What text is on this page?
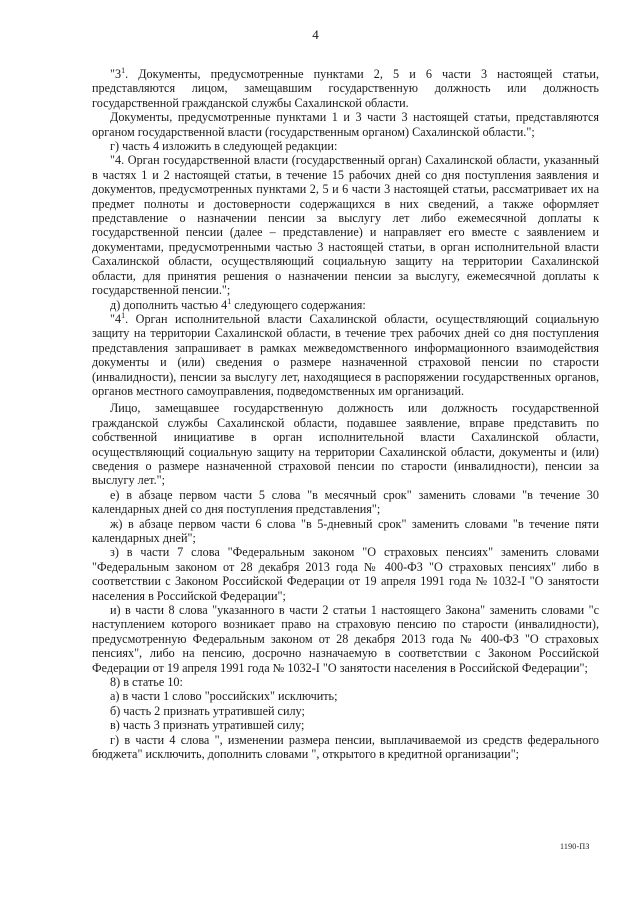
4

"$3^1$. Документы, предусмотренные пунктами 2, 5 и 6 части 3 настоящей статьи, представляются лицом, замещавшим государственную должность или должность государственной гражданской службы Сахалинской области.

Документы, предусмотренные пунктами 1 и 3 части 3 настоящей статьи, представляются органом государственной власти (государственным органом) Сахалинской области.";

г) часть 4 изложить в следующей редакции:

"4. Орган государственной власти (государственный орган) Сахалинской области, указанный в частях 1 и 2 настоящей статьи, в течение 15 рабочих дней со дня поступления заявления и документов, предусмотренных пунктами 2, 5 и 6 части 3 настоящей статьи, рассматривает их на предмет полноты и достоверности содержащихся в них сведений, а также оформляет представление о назначении пенсии за выслугу лет либо ежемесячной доплаты к государственной пенсии (далее – представление) и направляет его вместе с заявлением и документами, предусмотренными частью 3 настоящей статьи, в орган исполнительной власти Сахалинской области, осуществляющий социальную защиту на территории Сахалинской области, для принятия решения о назначении пенсии за выслугу, ежемесячной доплаты к государственной пенсии.";

д) дополнить частью $4^1$ следующего содержания:

"$4^1$. Орган исполнительной власти Сахалинской области, осуществляющий социальную защиту на территории Сахалинской области, в течение трех рабочих дней со дня поступления представления запрашивает в рамках межведомственного информационного взаимодействия документы и (или) сведения о размере назначенной страховой пенсии по старости (инвалидности), пенсии за выслугу лет, находящиеся в распоряжении государственных органов, органов местного самоуправления, подведомственных им организаций.

Лицо, замещавшее государственную должность или должность государственной гражданской службы Сахалинской области, подавшее заявление, вправе представить по собственной инициативе в орган исполнительной власти Сахалинской области, осуществляющий социальную защиту на территории Сахалинской области, документы и (или) сведения о размере назначенной страховой пенсии по старости (инвалидности), пенсии за выслугу лет.";

е) в абзаце первом части 5 слова "в месячный срок" заменить словами "в течение 30 календарных дней со дня поступления представления";

ж) в абзаце первом части 6 слова "в 5-дневный срок" заменить словами "в течение пяти календарных дней";

з) в части 7 слова "Федеральным законом "О страховых пенсиях" заменить словами "Федеральным законом от 28 декабря 2013 года № 400-ФЗ "О страховых пенсиях" либо в соответствии с Законом Российской Федерации от 19 апреля 1991 года № 1032-I "О занятости населения в Российской Федерации";

и) в части 8 слова "указанного в части 2 статьи 1 настоящего Закона" заменить словами "с наступлением которого возникает право на страховую пенсию по старости (инвалидности), предусмотренную Федеральным законом от 28 декабря 2013 года № 400-ФЗ "О страховых пенсиях", либо на пенсию, досрочно назначаемую в соответствии с Законом Российской Федерации от 19 апреля 1991 года № 1032-I "О занятости населения в Российской Федерации";

8) в статье 10:

а) в части 1 слово "российских" исключить;

б) часть 2 признать утратившей силу;

в) часть 3 признать утратившей силу;

г) в части 4 слова ", изменении размера пенсии, выплачиваемой из средств федерального бюджета" исключить, дополнить словами ", открытого в кредитной организации";

1190-ПЗ
